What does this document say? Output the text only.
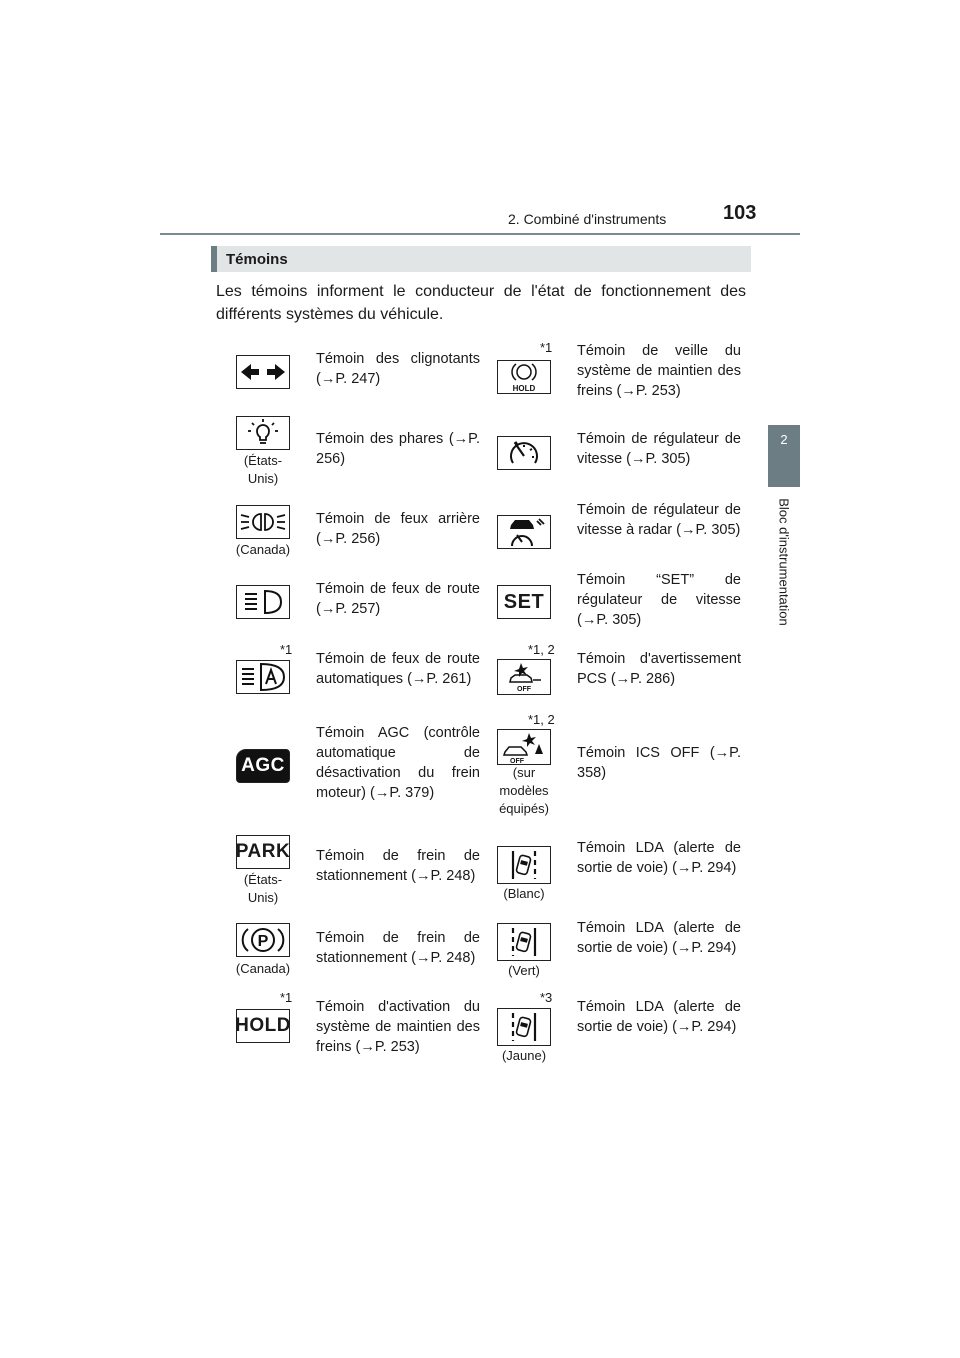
2. Combiné d'instruments	103
2
Bloc d'instrumentation
Témoins
Les témoins informent le conducteur de l'état de fonctionnement des différents systèmes du véhicule.
Témoin des clignotants (→P. 247)
(États-Unis)
Témoin des phares (→P. 256)
(Canada)
Témoin de feux arrière (→P. 256)
Témoin de feux de route (→P. 257)
*1
Témoin de feux de route automatiques (→P. 261)
AGC
Témoin AGC (contrôle automatique de désactivation du frein moteur) (→P. 379)
PARK
(États-Unis)
Témoin de frein de stationnement (→P. 248)
P
(Canada)
Témoin de frein de stationnement (→P. 248)
*1
HOLD
Témoin d'activation du système de maintien des freins (→P. 253)
*1
HOLD
Témoin de veille du système de maintien des freins (→P. 253)
Témoin de régulateur de vitesse (→P. 305)
Témoin de régulateur de vitesse à radar (→P. 305)
SET
Témoin “SET” de régulateur de vitesse (→P. 305)
*1, 2
OFF
Témoin d'avertissement PCS (→P. 286)
*1, 2
OFF
(sur modèles équipés)
Témoin ICS OFF (→P. 358)
(Blanc)
Témoin LDA (alerte de sortie de voie) (→P. 294)
(Vert)
Témoin LDA (alerte de sortie de voie) (→P. 294)
*3
(Jaune)
Témoin LDA (alerte de sortie de voie) (→P. 294)
